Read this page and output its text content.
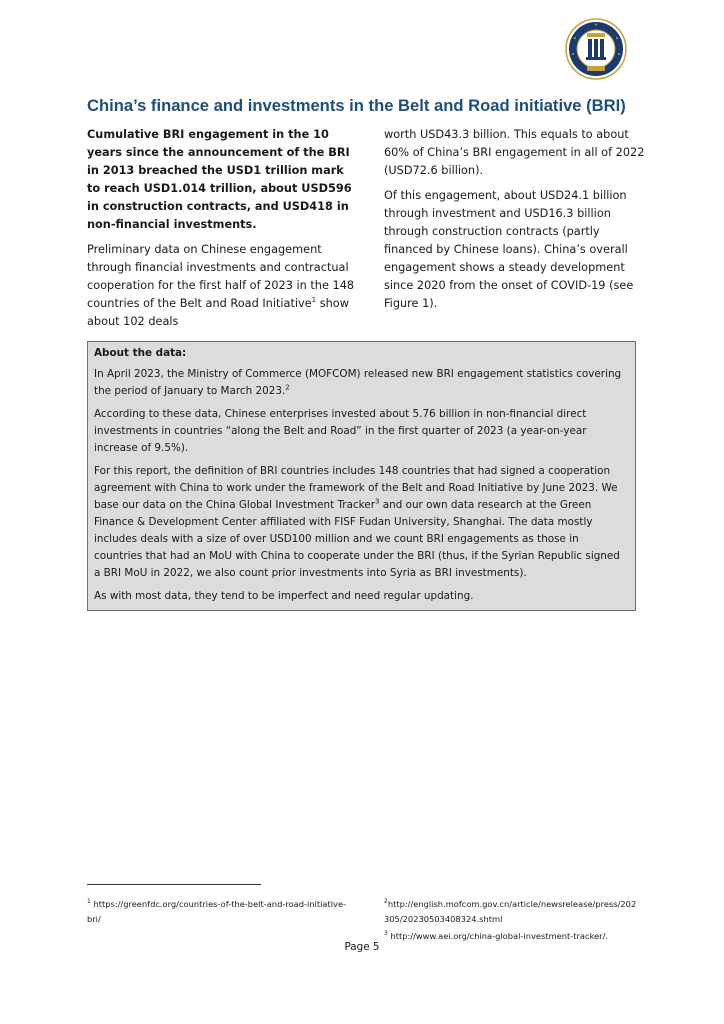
China’s finance and investments in the Belt and Road initiative (BRI)

Cumulative BRI engagement in the 10 years since the announcement of the BRI in 2013 breached the USD1 trillion mark to reach USD1.014 trillion, about USD596 in construction contracts, and USD418 in non-financial investments.

Preliminary data on Chinese engagement through financial investments and contractual cooperation for the first half of 2023 in the 148 countries of the Belt and Road Initiative$^1$ show about 102 deals

worth USD43.3 billion. This equals to about 60% of China’s BRI engagement in all of 2022 (USD72.6 billion).

Of this engagement, about USD24.1 billion through investment and USD16.3 billion through construction contracts (partly financed by Chinese loans). China’s overall engagement shows a steady development since 2020 from the onset of COVID-19 (see Figure 1).

About the data:

In April 2023, the Ministry of Commerce (MOFCOM) released new BRI engagement statistics covering the period of January to March 2023.$^2$

According to these data, Chinese enterprises invested about 5.76 billion in non-financial direct investments in countries “along the Belt and Road” in the first quarter of 2023 (a year-on-year increase of 9.5%).

For this report, the definition of BRI countries includes 148 countries that had signed a cooperation agreement with China to work under the framework of the Belt and Road Initiative by June 2023. We base our data on the China Global Investment Tracker$^3$ and our own data research at the Green Finance & Development Center affiliated with FISF Fudan University, Shanghai. The data mostly includes deals with a size of over USD100 million and we count BRI engagements as those in countries that had an MoU with China to cooperate under the BRI (thus, if the Syrian Republic signed a BRI MoU in 2022, we also count prior investments into Syria as BRI investments).

As with most data, they tend to be imperfect and need regular updating.

$^1$ https://greenfdc.org/countries-of-the-belt-and-road-initiative-bri/
$^2$http://english.mofcom.gov.cn/article/newsrelease/press/202305/20230503408324.shtml
$^3$ http://www.aei.org/china-global-investment-tracker/.
Page 5
